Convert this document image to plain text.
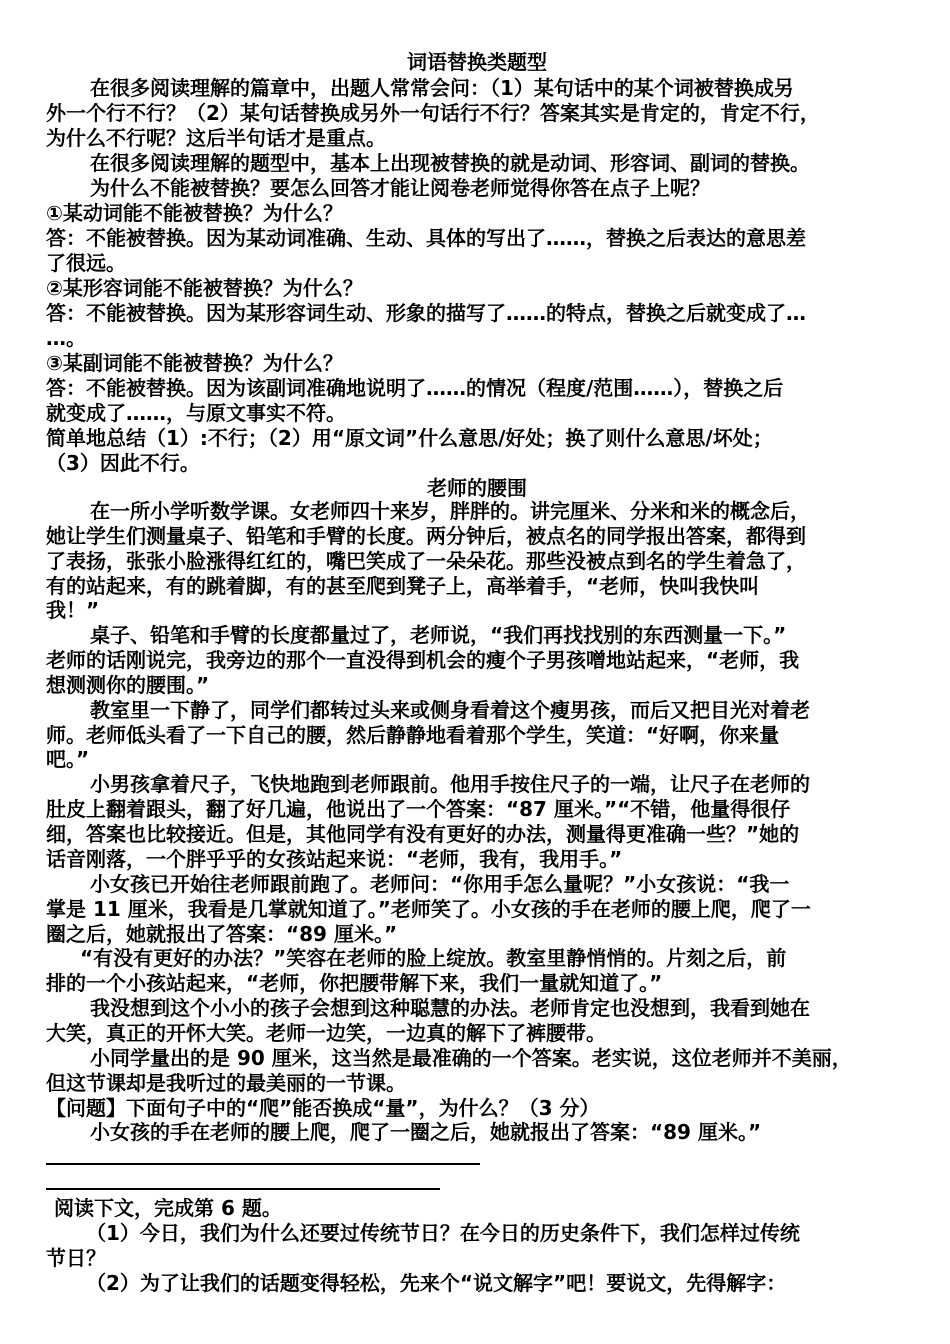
词语替换类题型
在很多阅读理解的篇章中，出题人常常会问：（1）某句话中的某个词被替换成另
外一个行不行？（2）某句话替换成另外一句话行不行？答案其实是肯定的，肯定不行，
为什么不行呢？这后半句话才是重点。
在很多阅读理解的题型中，基本上出现被替换的就是动词、形容词、副词的替换。
为什么不能被替换？要怎么回答才能让阅卷老师觉得你答在点子上呢？
①某动词能不能被替换？为什么？
答：不能被替换。因为某动词准确、生动、具体的写出了……，替换之后表达的意思差
了很远。
②某形容词能不能被替换？为什么？
答：不能被替换。因为某形容词生动、形象的描写了……的特点，替换之后就变成了…
…。
③某副词能不能被替换？为什么？
答：不能被替换。因为该副词准确地说明了……的情况（程度/范围……），替换之后
就变成了……，与原文事实不符。
简单地总结（1）:不行；（2）用“原文词”什么意思/好处；换了则什么意思/坏处；
（3）因此不行。
老师的腰围
在一所小学听数学课。女老师四十来岁，胖胖的。讲完厘米、分米和米的概念后，
她让学生们测量桌子、铅笔和手臂的长度。两分钟后，被点名的同学报出答案，都得到
了表扬，张张小脸涨得红红的，嘴巴笑成了一朵朵花。那些没被点到名的学生着急了，
有的站起来，有的跳着脚，有的甚至爬到凳子上，高举着手，“老师，快叫我快叫
我！”
桌子、铅笔和手臂的长度都量过了，老师说，“我们再找找别的东西测量一下。”
老师的话刚说完，我旁边的那个一直没得到机会的瘦个子男孩噌地站起来，“老师，我
想测测你的腰围。”
教室里一下静了，同学们都转过头来或侧身看着这个瘦男孩，而后又把目光对着老
师。老师低头看了一下自己的腰，然后静静地看着那个学生，笑道：“好啊，你来量
吧。”
小男孩拿着尺子，飞快地跑到老师跟前。他用手按住尺子的一端，让尺子在老师的
肚皮上翻着跟头，翻了好几遍，他说出了一个答案：“87 厘米。”“不错，他量得很仔
细，答案也比较接近。但是，其他同学有没有更好的办法，测量得更准确一些？”她的
话音刚落，一个胖乎乎的女孩站起来说：“老师，我有，我用手。”
小女孩已开始往老师跟前跑了。老师问：“你用手怎么量呢？”小女孩说：“我一
掌是 11 厘米，我看是几掌就知道了。”老师笑了。小女孩的手在老师的腰上爬，爬了一
圈之后，她就报出了答案：“89 厘米。”
“有没有更好的办法？”笑容在老师的脸上绽放。教室里静悄悄的。片刻之后，前
排的一个小孩站起来，“老师，你把腰带解下来，我们一量就知道了。”
我没想到这个小小的孩子会想到这种聪慧的办法。老师肯定也没想到，我看到她在
大笑，真正的开怀大笑。老师一边笑，一边真的解下了裤腰带。
小同学量出的是 90 厘米，这当然是最准确的一个答案。老实说，这位老师并不美丽，
但这节课却是我听过的最美丽的一节课。
【问题】下面句子中的“爬”能否换成“量”，为什么？（3 分）
小女孩的手在老师的腰上爬，爬了一圈之后，她就报出了答案：“89 厘米。”
阅读下文，完成第 6 题。
（1）今日，我们为什么还要过传统节日？在今日的历史条件下，我们怎样过传统
节日？
（2）为了让我们的话题变得轻松，先来个“说文解字”吧！要说文，先得解字：
